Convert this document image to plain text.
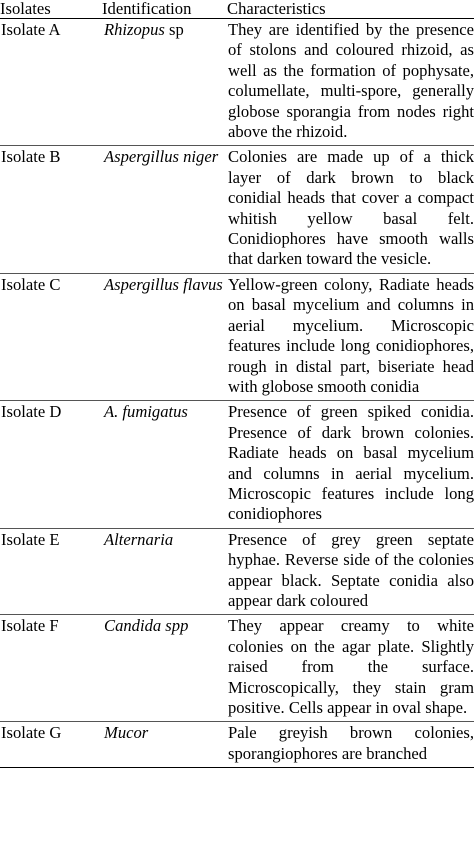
Isolates	Identification	Characteristics
Isolate A	Rhizopus sp	They are identified by the presence of stolons and coloured rhizoid, as well as the formation of pophysate, columellate, multi-spore, generally globose sporangia from nodes right above the rhizoid.
Isolate B	Aspergillus niger	Colonies are made up of a thick layer of dark brown to black conidial heads that cover a compact whitish yellow basal felt. Conidiophores have smooth walls that darken toward the vesicle.
Isolate C	Aspergillus flavus	Yellow-green colony, Radiate heads on basal mycelium and columns in aerial mycelium. Microscopic features include long conidiophores, rough in distal part, biseriate head with globose smooth conidia
Isolate D	A. fumigatus	Presence of green spiked conidia. Presence of dark brown colonies. Radiate heads on basal mycelium and columns in aerial mycelium. Microscopic features include long conidiophores
Isolate E	Alternaria	Presence of grey green septate hyphae. Reverse side of the colonies appear black. Septate conidia also appear dark coloured
Isolate F	Candida spp	They appear creamy to white colonies on the agar plate. Slightly raised from the surface. Microscopically, they stain gram positive. Cells appear in oval shape.
Isolate G	Mucor	Pale greyish brown colonies, sporangiophores are branched
